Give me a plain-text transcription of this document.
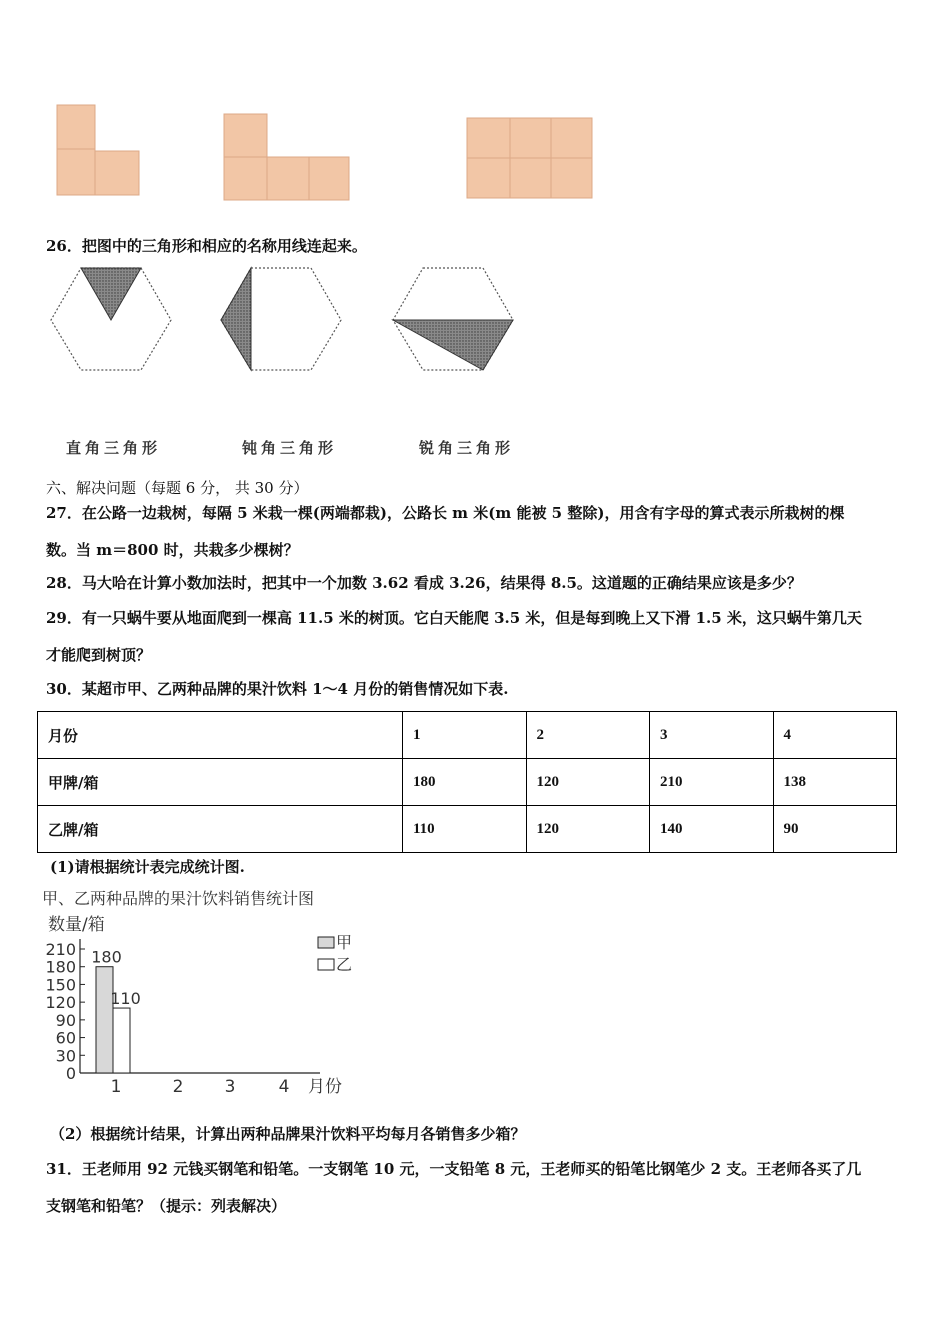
26．把图中的三角形和相应的名称用线连起来。
直角三角形	钝角三角形	锐角三角形
六、解决问题（每题 6 分， 共 30 分）
27．在公路一边栽树，每隔 5 米栽一棵(两端都栽)，公路长 m 米(m 能被 5 整除)，用含有字母的算式表示所栽树的棵
数。当 m＝800 时，共栽多少棵树？
28．马大哈在计算小数加法时，把其中一个加数 3.62 看成 3.26，结果得 8.5。这道题的正确结果应该是多少？
29．有一只蜗牛要从地面爬到一棵高 11.5 米的树顶。它白天能爬 3.5 米，但是每到晚上又下滑 1.5 米，这只蜗牛第几天
才能爬到树顶？
30．某超市甲、乙两种品牌的果汁饮料 1～4 月份的销售情况如下表.
月份	1	2	3	4
甲牌/箱	180	120	210	138
乙牌/箱	110	120	140	90
(1)请根据统计表完成统计图.
甲、乙两种品牌的果汁饮料销售统计图
数量/箱
0
30
60
90
120
150
180
210
1	2 3	4
180
110
月份
甲
乙
（2）根据统计结果，计算出两种品牌果汁饮料平均每月各销售多少箱？
31．王老师用 92 元钱买钢笔和铅笔。一支钢笔 10 元，一支铅笔 8 元，王老师买的铅笔比钢笔少 2 支。王老师各买了几
支钢笔和铅笔？（提示：列表解决）
